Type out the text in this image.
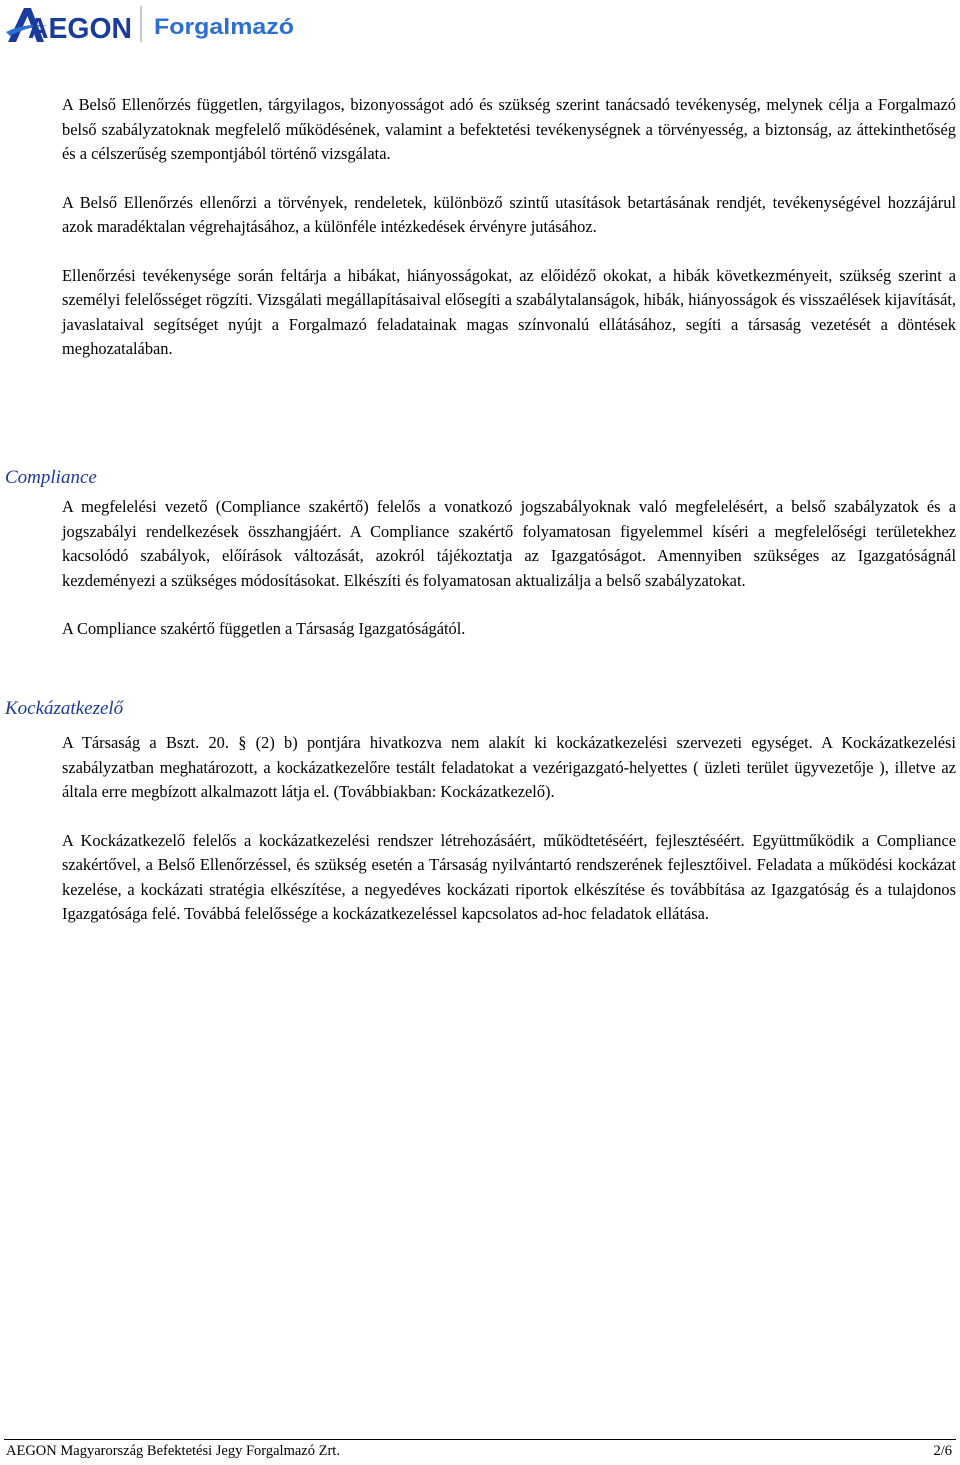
AEGON Forgalmazó

A Belső Ellenőrzés független, tárgyilagos, bizonyosságot adó és szükség szerint tanácsadó tevékenység, melynek célja a Forgalmazó belső szabályzatoknak megfelelő működésének, valamint a befektetési tevékenységnek a törvényesség, a biztonság, az áttekinthetőség és a célszerűség szempontjából történő vizsgálata.

A Belső Ellenőrzés ellenőrzi a törvények, rendeletek, különböző szintű utasítások betartásának rendjét, tevékenységével hozzájárul azok maradéktalan végrehajtásához, a különféle intézkedések érvényre jutásához.

Ellenőrzési tevékenysége során feltárja a hibákat, hiányosságokat, az előidéző okokat, a hibák következményeit, szükség szerint a személyi felelősséget rögzíti. Vizsgálati megállapításaival elősegíti a szabálytalanságok, hibák, hiányosságok és visszaélések kijavítását, javaslataival segítséget nyújt a Forgalmazó feladatainak magas színvonalú ellátásához, segíti a társaság vezetését a döntések meghozatalában.

Compliance

A megfelelési vezető (Compliance szakértő) felelős a vonatkozó jogszabályoknak való megfelelésért, a belső szabályzatok és a jogszabályi rendelkezések összhangjáért. A Compliance szakértő folyamatosan figyelemmel kíséri a megfelelőségi területekhez kacsolódó szabályok, előírások változását, azokról tájékoztatja az Igazgatóságot. Amennyiben szükséges az Igazgatóságnál kezdeményezi a szükséges módosításokat. Elkészíti és folyamatosan aktualizálja a belső szabályzatokat.

A Compliance szakértő független a Társaság Igazgatóságától.

Kockázatkezelő

A Társaság a Bszt. 20. § (2) b) pontjára hivatkozva nem alakít ki kockázatkezelési szervezeti egységet. A Kockázatkezelési szabályzatban meghatározott, a kockázatkezelőre testált feladatokat a vezérigazgató-helyettes ( üzleti terület ügyvezetője ), illetve az általa erre megbízott alkalmazott látja el. (Továbbiakban: Kockázatkezelő).

A Kockázatkezelő felelős a kockázatkezelési rendszer létrehozásáért, működtetéséért, fejlesztéséért. Együttműködik a Compliance szakértővel, a Belső Ellenőrzéssel, és szükség esetén a Társaság nyilvántartó rendszerének fejlesztőivel. Feladata a működési kockázat kezelése, a kockázati stratégia elkészítése, a negyedéves kockázati riportok elkészítése és továbbítása az Igazgatóság és a tulajdonos Igazgatósága felé. Továbbá felelőssége a kockázatkezeléssel kapcsolatos ad-hoc feladatok ellátása.

AEGON Magyarország Befektetési Jegy Forgalmazó Zrt.	2/6
